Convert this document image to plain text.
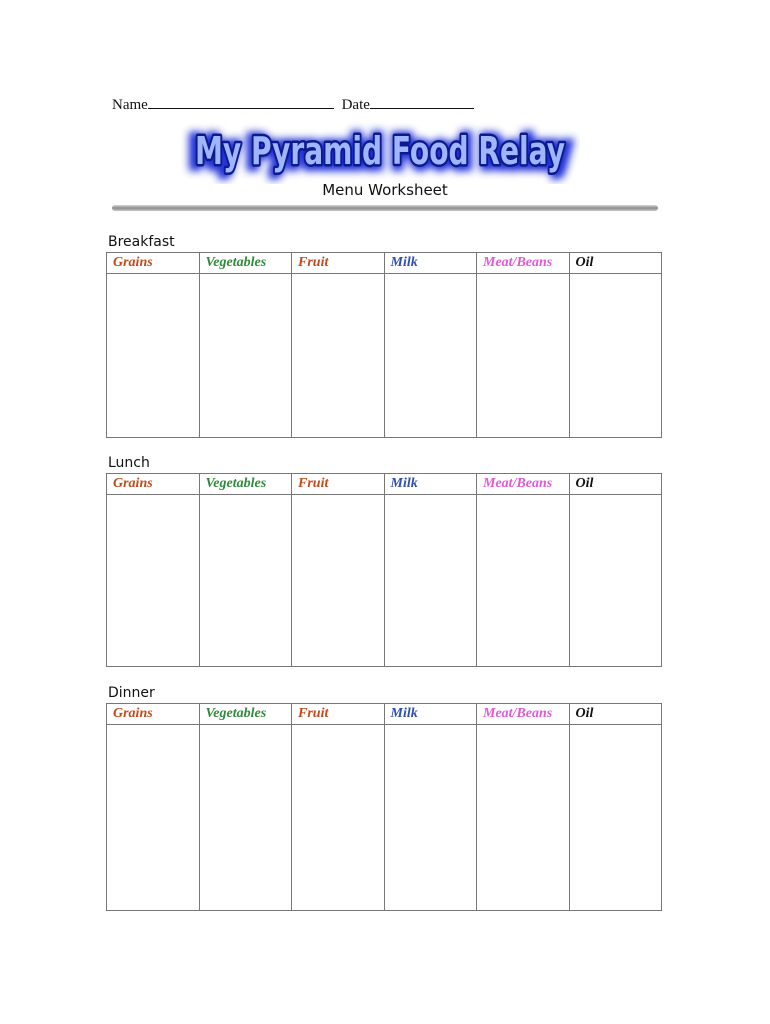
Name	Date
My Pyramid Food Relay
My Pyramid Food Relay
My Pyramid Food Relay
Menu Worksheet
Breakfast
Grains	Vegetables	Fruit	Milk	Meat/Beans	Oil

Lunch
Grains	Vegetables	Fruit	Milk	Meat/Beans	Oil

Dinner
Grains	Vegetables	Fruit	Milk	Meat/Beans	Oil
